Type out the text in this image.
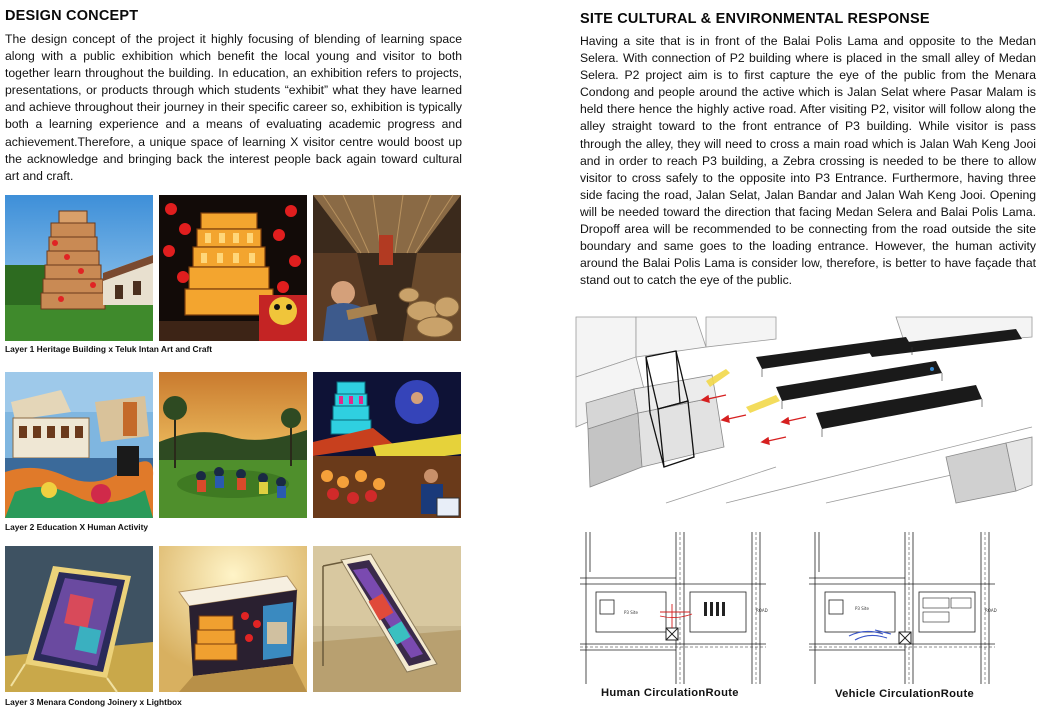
DESIGN CONCEPT

The design concept of the project it highly focusing of blending of learning space along with a public exhibition which benefit the local young and visitor to both together learn throughout the building. In education, an exhibition refers to projects, presentations, or products through which students “exhibit” what they have learned and achieve throughout their journey in their specific career so, exhibition is typically both a learning experience and a means of evaluating academic progress and achievement.Therefore, a unique space of learning X visitor centre would boost up the acknowledge and bringing back the interest people back again toward cultural art and craft.

Layer 1 Heritage Building x Teluk Intan Art and Craft

Layer 2 Education X Human Activity

Layer 3 Menara Condong Joinery x Lightbox

SITE CULTURAL & ENVIRONMENTAL RESPONSE

Having a site that is in front of the Balai Polis Lama and opposite to the Medan Selera. With connection of P2 building where is placed in the small alley of Medan Selera. P2 project aim is to first capture the eye of the public from the Menara Condong and people around the active which is Jalan Selat where Pasar Malam is held there hence the highly active road. After visiting P2, visitor will follow along the alley straight toward to the front entrance of P3 building. While visitor is pass through the alley, they will need to cross a main road which is Jalan Wah Keng Jooi and in order to reach P3 building, a Zebra crossing is needed to be there to allow visitor to cross safely to the opposite into P3 Entrance. Furthermore, having three side facing the road, Jalan Selat, Jalan Bandar and Jalan Wah Keng Jooi. Opening will be needed toward the direction that facing Medan Selera and Balai Polis Lama. Dropoff area will be recommended to be connecting from the road outside the site boundary and same goes to the loading entrance. However, the human activity around the Balai Polis Lama is consider low, therefore, is better to have façade that stand out to catch the eye of the public.

P3 Site	ROAD

Human CirculationRoute

P3 Site	ROAD

Vehicle CirculationRoute
